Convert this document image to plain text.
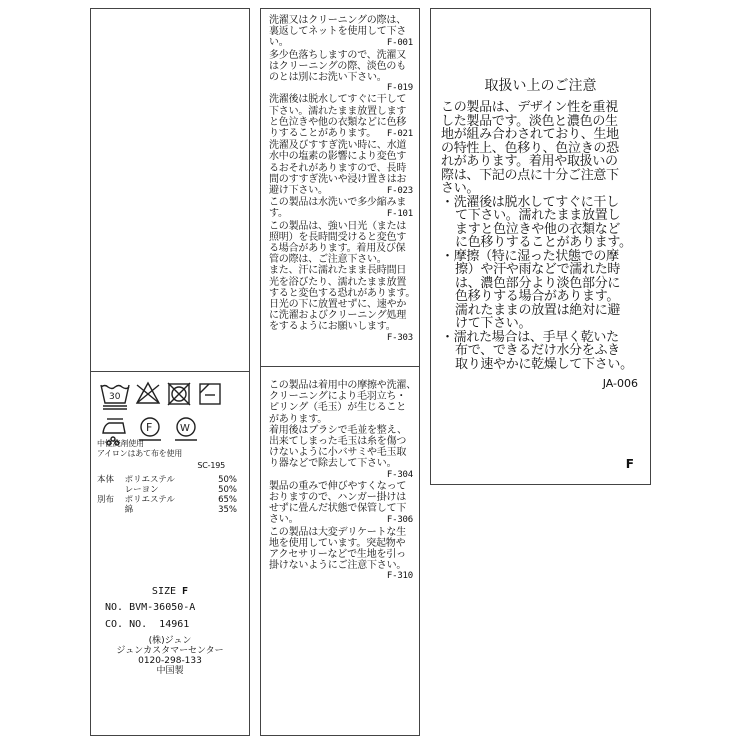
30
F	W
中性洗剤使用
アイロンはあて布を使用
SC-195
本体	ポリエステル	50%
	レーヨン	50%
別布	ポリエステル	65%
	綿	35%
SIZE F
NO. BVM-36050-A
CO. NO.  14961
(株)ジュン
ジュンカスタマーセンター
0120-298-133
中国製
洗濯又はクリーニングの際は、
裏返してネットを使用して下さ
い。	F-001
多少色落ちしますので、洗濯又
はクリーニングの際、淡色のも
のとは別にお洗い下さい。
F-019
洗濯後は脱水してすぐに干して
下さい。濡れたまま放置します
と色泣きや他の衣類などに色移
りすることがあります。 F-021
洗濯及びすすぎ洗い時に、水道
水中の塩素の影響により変色す
るおそれがありますので、長時
間のすすぎ洗いや浸け置きはお
避け下さい。	F-023
この製品は水洗いで多少縮みま
す。	F-101
この製品は、強い日光（または
照明）を長時間受けると変色す
る場合があります。着用及び保
管の際は、ご注意下さい。
また、汗に濡れたまま長時間日
光を浴びたり、濡れたまま放置
すると変色する恐れがあります。
日光の下に放置せずに、速やか
に洗濯およびクリーニング処理
をするようにお願いします。
F-303
この製品は着用中の摩擦や洗濯、
クリーニングにより毛羽立ち・
ピリング（毛玉）が生じること
があります。
着用後はブラシで毛並を整え、
出来てしまった毛玉は糸を傷つ
けないように小バサミや毛玉取
り器などで除去して下さい。
F-304
製品の重みで伸びやすくなって
おりますので、ハンガー掛けは
せずに畳んだ状態で保管して下
さい。	F-306
この製品は大変デリケートな生
地を使用しています。突起物や
アクセサリーなどで生地を引っ
掛けないようにご注意下さい。
F-310
取扱い上のご注意
この製品は、デザイン性を重視
した製品です。淡色と濃色の生
地が組み合わされており、生地
の特性上、色移り、色泣きの恐
れがあります。着用や取扱いの
際は、下記の点に十分ご注意下
さい。
・洗濯後は脱水してすぐに干し
て下さい。濡れたまま放置し
ますと色泣きや他の衣類など
に色移りすることがあります。
・摩擦（特に湿った状態での摩
擦）や汗や雨などで濡れた時
は、濃色部分より淡色部分に
色移りする場合があります。
濡れたままの放置は絶対に避
けて下さい。
・濡れた場合は、手早く乾いた
布で、できるだけ水分をふき
取り速やかに乾燥して下さい。
JA-006
F
